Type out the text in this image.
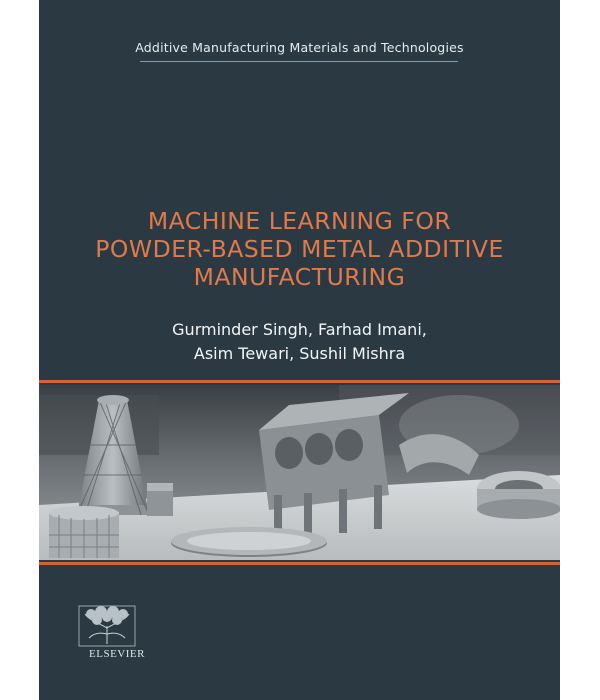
Additive Manufacturing Materials and Technologies
MACHINE LEARNING FOR
POWDER-BASED METAL ADDITIVE
MANUFACTURING
Gurminder Singh, Farhad Imani,
Asim Tewari, Sushil Mishra
ELSEVIER
